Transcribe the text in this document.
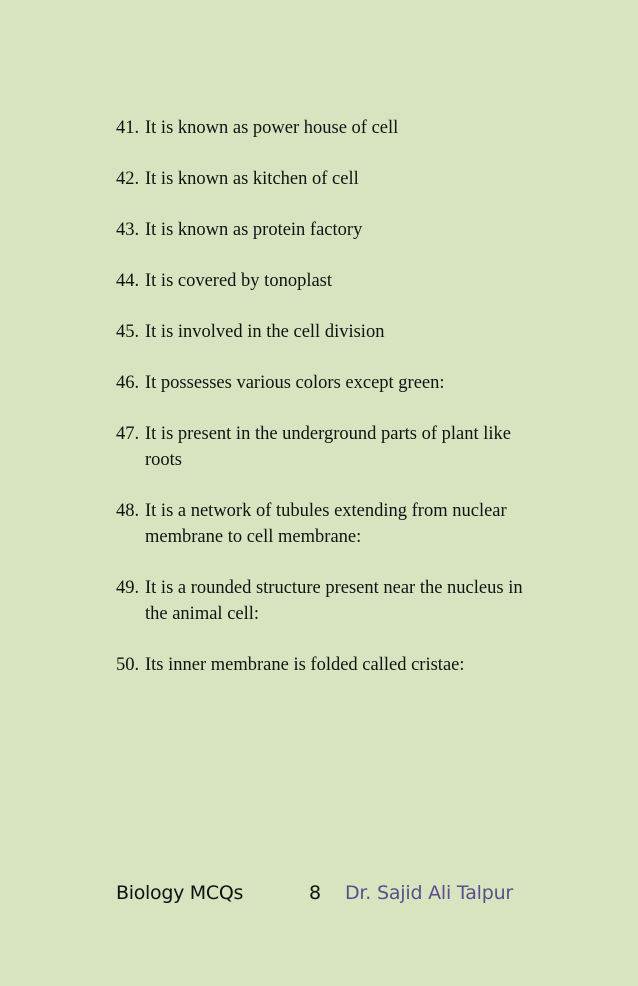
41. It is known as power house of cell
42. It is known as kitchen of cell
43. It is known as protein factory
44. It is covered by tonoplast
45. It is involved in the cell division
46. It possesses various colors except green:
47. It is present in the underground parts of plant like roots
48. It is a network of tubules extending from nuclear membrane to cell membrane:
49. It is a rounded structure present near the nucleus in the animal cell:
50. Its inner membrane is folded called cristae:
Biology MCQs	8 Dr. Sajid Ali Talpur
